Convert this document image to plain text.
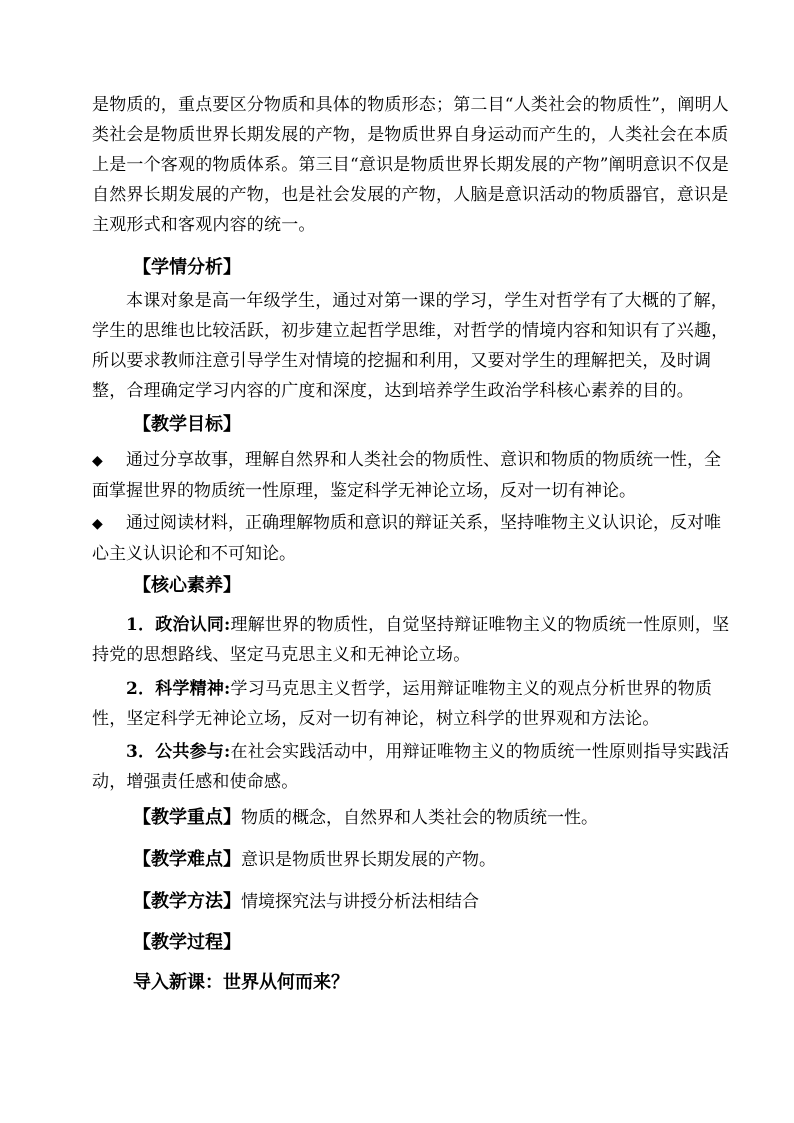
是物质的，重点要区分物质和具体的物质形态；第二目“人类社会的物质性”，阐明人类社会是物质世界长期发展的产物，是物质世界自身运动而产生的，人类社会在本质上是一个客观的物质体系。第三目“意识是物质世界长期发展的产物”阐明意识不仅是自然界长期发展的产物，也是社会发展的产物，人脑是意识活动的物质器官，意识是主观形式和客观内容的统一。

【学情分析】

本课对象是高一年级学生，通过对第一课的学习，学生对哲学有了大概的了解，学生的思维也比较活跃，初步建立起哲学思维，对哲学的情境内容和知识有了兴趣，所以要求教师注意引导学生对情境的挖掘和利用，又要对学生的理解把关，及时调整，合理确定学习内容的广度和深度，达到培养学生政治学科核心素养的目的。

【教学目标】

◆ 通过分享故事，理解自然界和人类社会的物质性、意识和物质的物质统一性，全面掌握世界的物质统一性原理，鉴定科学无神论立场，反对一切有神论。

◆ 通过阅读材料，正确理解物质和意识的辩证关系，坚持唯物主义认识论，反对唯心主义认识论和不可知论。

【核心素养】

1．政治认同:理解世界的物质性，自觉坚持辩证唯物主义的物质统一性原则，坚持党的思想路线、坚定马克思主义和无神论立场。

2．科学精神:学习马克思主义哲学，运用辩证唯物主义的观点分析世界的物质性，坚定科学无神论立场，反对一切有神论，树立科学的世界观和方法论。

3．公共参与:在社会实践活动中，用辩证唯物主义的物质统一性原则指导实践活动，增强责任感和使命感。

【教学重点】物质的概念，自然界和人类社会的物质统一性。
【教学难点】意识是物质世界长期发展的产物。
【教学方法】情境探究法与讲授分析法相结合
【教学过程】
导入新课：世界从何而来？
